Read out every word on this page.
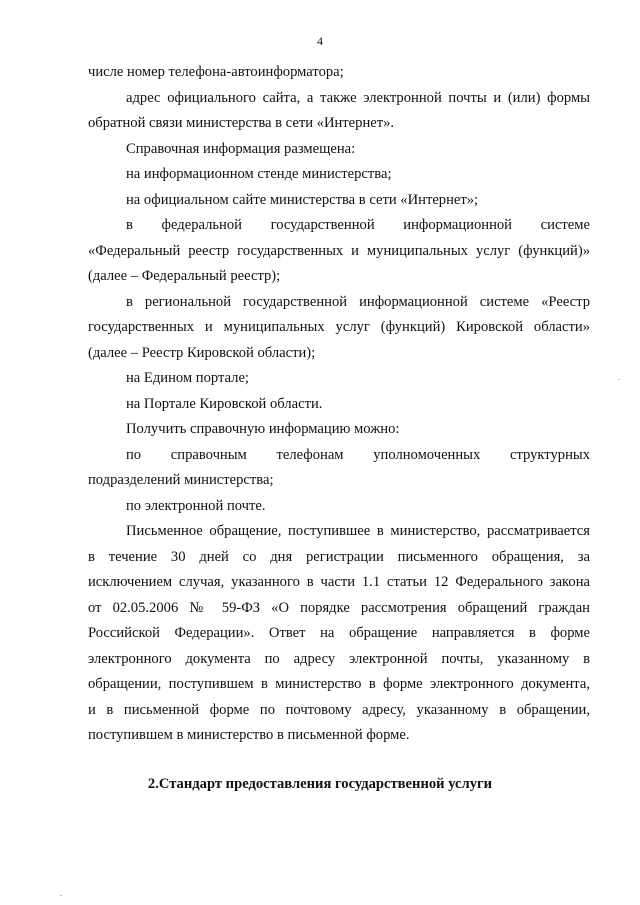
4
числе номер телефона-автоинформатора;
адрес официального сайта, а также электронной почты и (или) формы
обратной связи министерства в сети «Интернет».
Справочная информация размещена:
на информационном стенде министерства;
на официальном сайте министерства в сети «Интернет»;
в федеральной государственной информационной системе
«Федеральный реестр государственных и муниципальных услуг (функций)»
(далее – Федеральный реестр);
в региональной государственной информационной системе «Реестр
государственных и муниципальных услуг (функций) Кировской области»
(далее – Реестр Кировской области);
на Едином портале;
на Портале Кировской области.
Получить справочную информацию можно:
по справочным телефонам уполномоченных структурных
подразделений министерства;
по электронной почте.
Письменное обращение, поступившее в министерство, рассматривается
в течение 30 дней со дня регистрации письменного обращения, за
исключением случая, указанного в части 1.1 статьи 12 Федерального закона
от 02.05.2006 № 59-ФЗ «О порядке рассмотрения обращений граждан
Российской Федерации». Ответ на обращение направляется в форме
электронного документа по адресу электронной почты, указанному в
обращении, поступившем в министерство в форме электронного документа,
и в письменной форме по почтовому адресу, указанному в обращении,
поступившем в министерство в письменной форме.
2.Стандарт предоставления государственной услуги
.
.
